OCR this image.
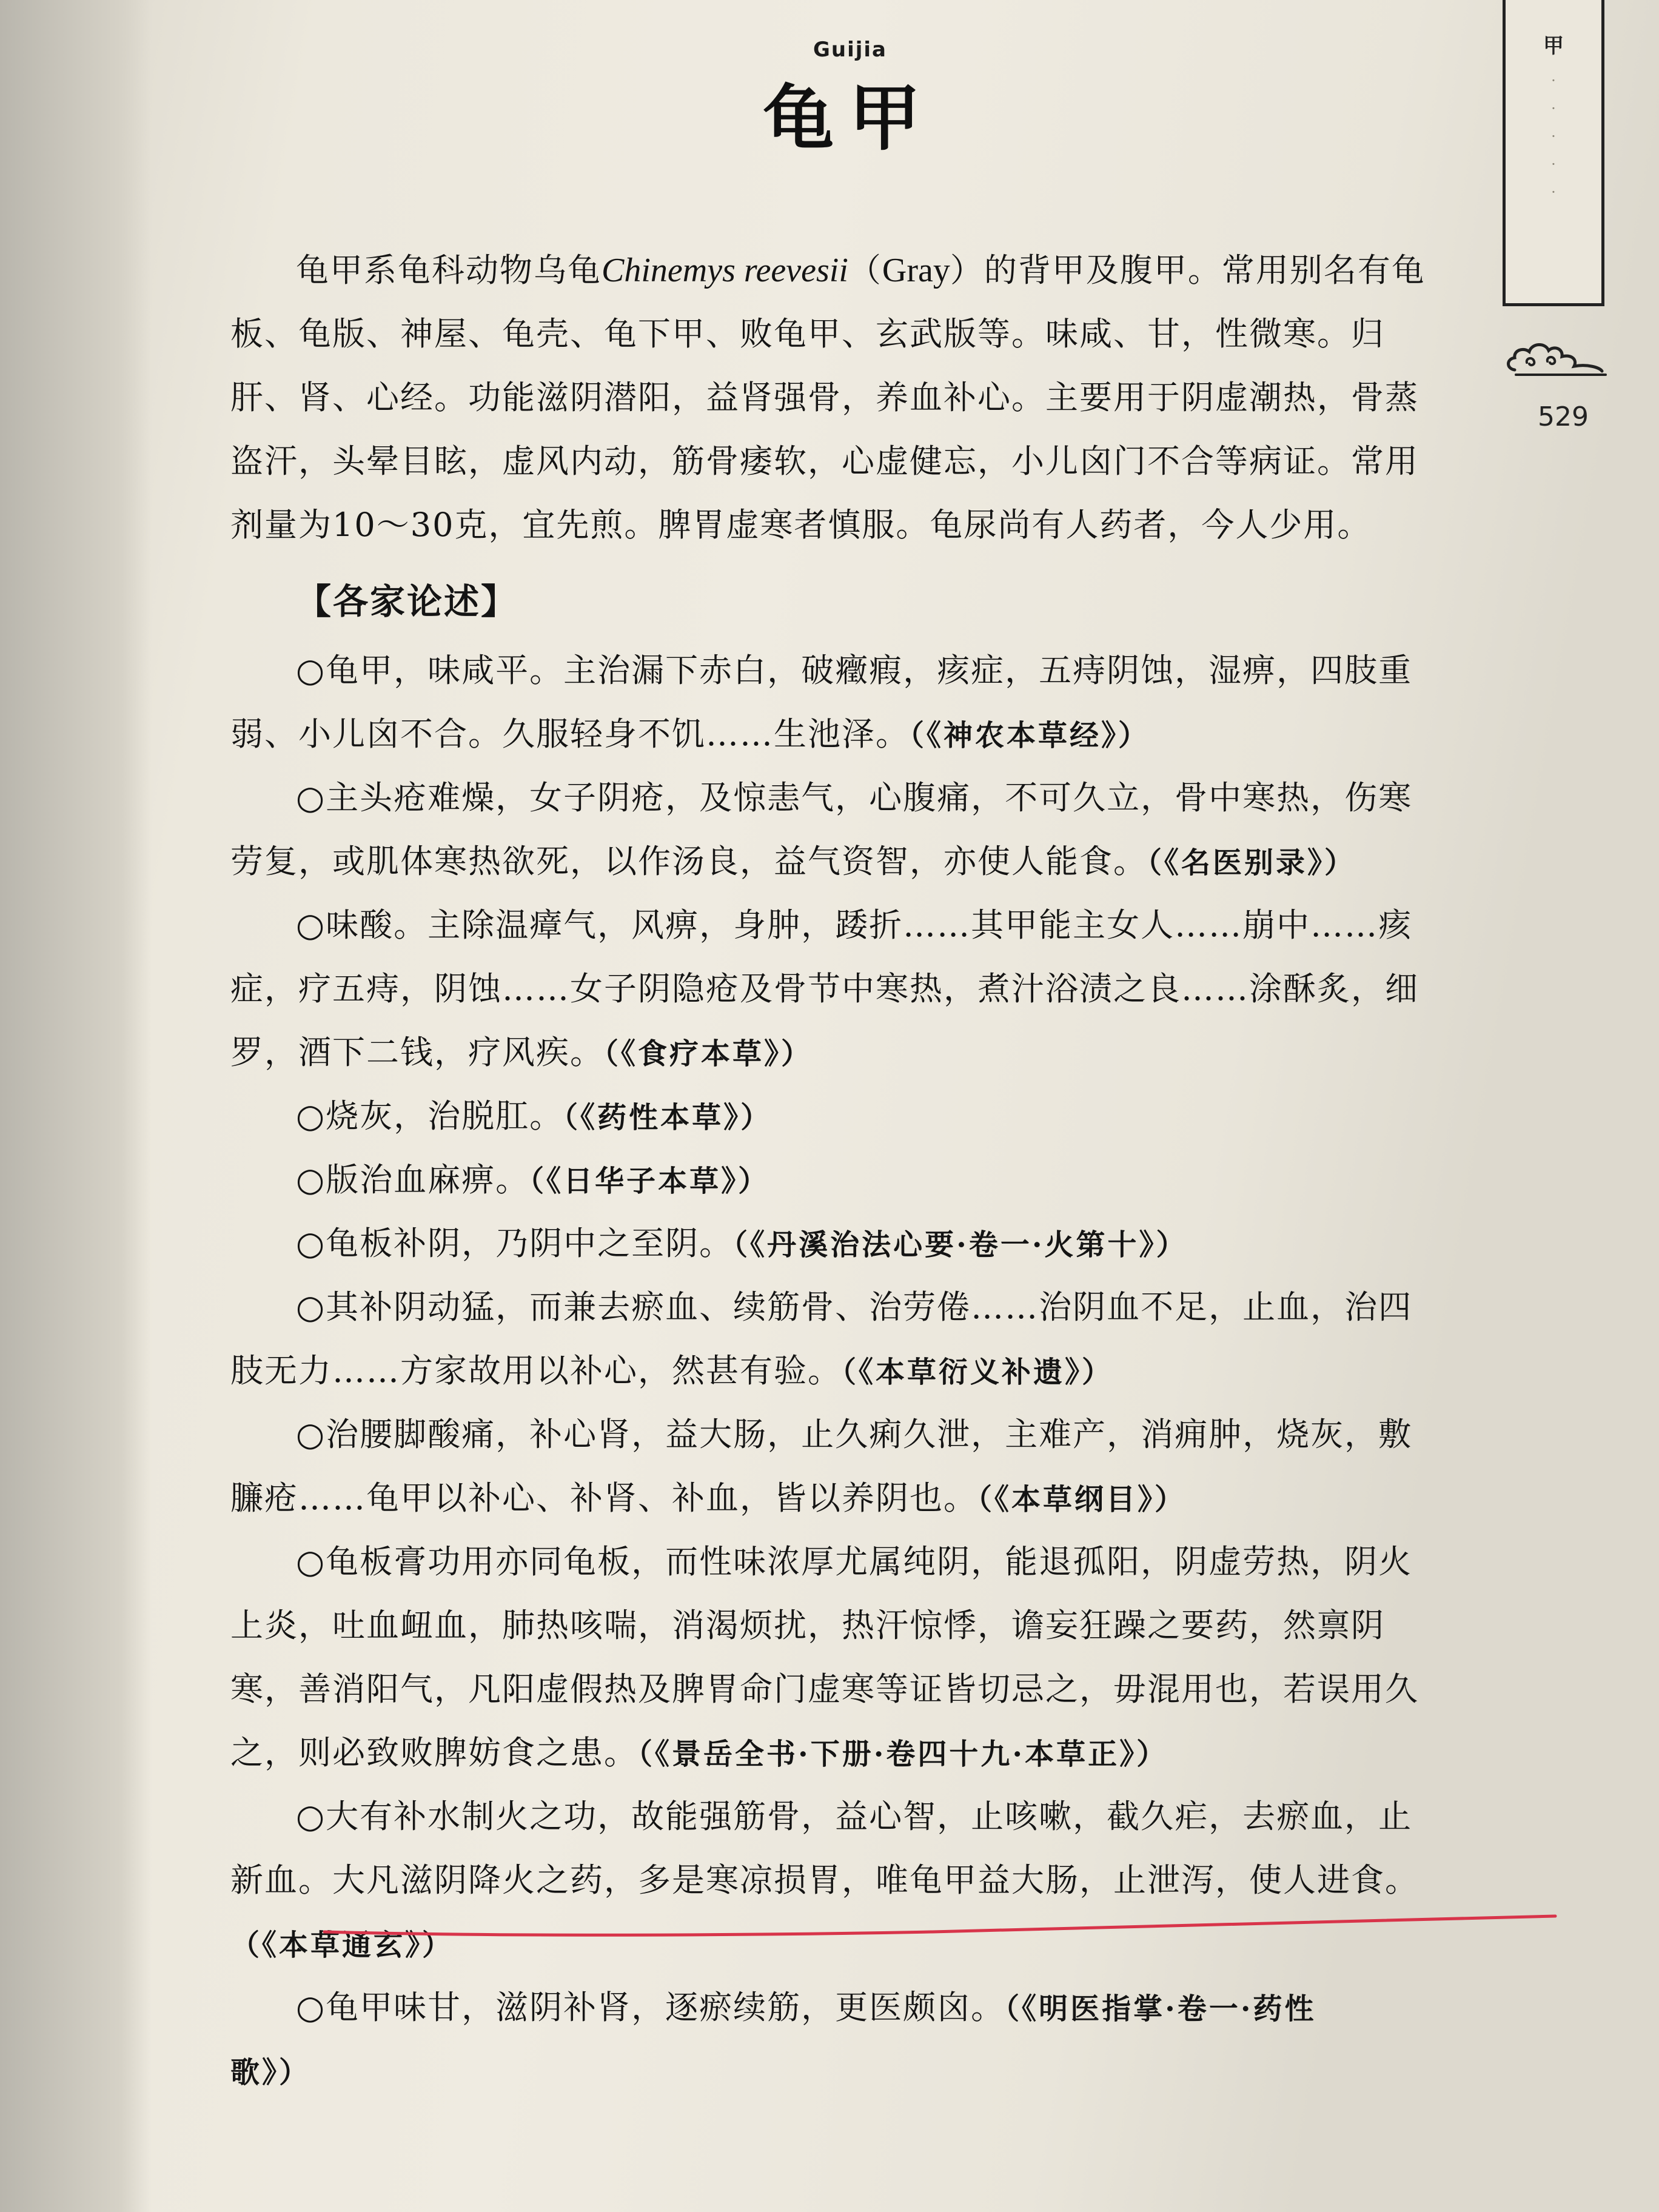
Guijia
龟甲
甲
·
·
·
·
·
529
龟甲系龟科动物乌龟Chinemys reevesii（Gray）的背甲及腹甲。常用别名有龟
板、龟版、神屋、龟壳、龟下甲、败龟甲、玄武版等。味咸、甘，性微寒。归
肝、肾、心经。功能滋阴潜阳，益肾强骨，养血补心。主要用于阴虚潮热，骨蒸
盗汗，头晕目眩，虚风内动，筋骨痿软，心虚健忘，小儿囟门不合等病证。常用
剂量为10～30克，宜先煎。脾胃虚寒者慎服。龟尿尚有人药者，今人少用。
【各家论述】
○龟甲，味咸平。主治漏下赤白，破癥瘕，痎症，五痔阴蚀，湿痹，四肢重
弱、小儿囟不合。久服轻身不饥……生池泽。（《神农本草经》）
○主头疮难燥，女子阴疮，及惊恚气，心腹痛，不可久立，骨中寒热，伤寒
劳复，或肌体寒热欲死，以作汤良，益气资智，亦使人能食。（《名医别录》）
○味酸。主除温瘴气，风痹，身肿，踒折……其甲能主女人……崩中……痎
症，疗五痔，阴蚀……女子阴隐疮及骨节中寒热，煮汁浴渍之良……涂酥炙，细
罗，酒下二钱，疗风疾。（《食疗本草》）
○烧灰，治脱肛。（《药性本草》）
○版治血麻痹。（《日华子本草》）
○龟板补阴，乃阴中之至阴。（《丹溪治法心要·卷一·火第十》）
○其补阴动猛，而兼去瘀血、续筋骨、治劳倦……治阴血不足，止血，治四
肢无力……方家故用以补心，然甚有验。（《本草衍义补遗》）
○治腰脚酸痛，补心肾，益大肠，止久痢久泄，主难产，消痈肿，烧灰，敷
臁疮……龟甲以补心、补肾、补血，皆以养阴也。（《本草纲目》）
○龟板膏功用亦同龟板，而性味浓厚尤属纯阴，能退孤阳，阴虚劳热，阴火
上炎，吐血衄血，肺热咳喘，消渴烦扰，热汗惊悸，谵妄狂躁之要药，然禀阴
寒，善消阳气，凡阳虚假热及脾胃命门虚寒等证皆切忌之，毋混用也，若误用久
之，则必致败脾妨食之患。（《景岳全书·下册·卷四十九·本草正》）
○大有补水制火之功，故能强筋骨，益心智，止咳嗽，截久疟，去瘀血，止
新血。大凡滋阴降火之药，多是寒凉损胃，唯龟甲益大肠，止泄泻，使人进食。
（《本草通玄》）
○龟甲味甘，滋阴补肾，逐瘀续筋，更医颇囟。（《明医指掌·卷一·药性
歌》）
